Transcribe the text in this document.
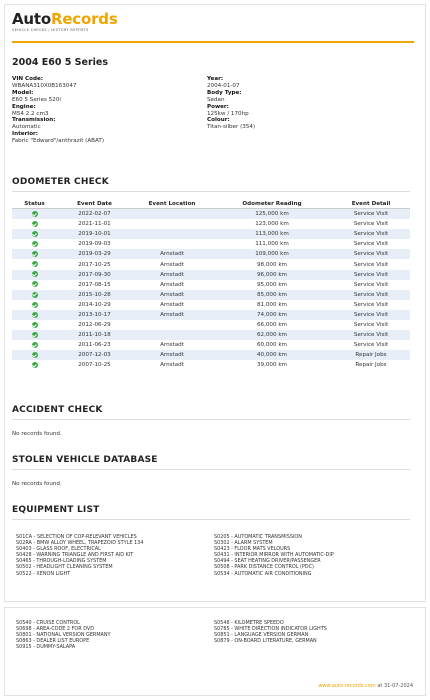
AutoRecords
VEHICLE CHECKS / HISTORY REPORTS
2004 E60 5 Series
VIN Code:
WBANA310X0B163047
Model:
E60 5 Series 520i
Engine:
M54 2.2 cm3
Transmission:
Automatic
Interior:
Fabric "Edward"/anthrazit (ABAT)
Year:
2004-01-07
Body Type:
Sedan
Power:
125kw / 170hp
Colour:
Titan-silber (354)
ODOMETER CHECK
Status	Event Date	Event Location	Odometer Reading	Event Detail
	2022-02-07		125,000 km	Service Visit
	2021-11-01		123,000 km	Service Visit
	2019-10-01		113,000 km	Service Visit
	2019-09-03		111,000 km	Service Visit
	2019-03-29	Arnstadt	109,000 km	Service Visit
	2017-10-25	Arnstadt	98,000 km	Service Visit
	2017-09-30	Arnstadt	96,000 km	Service Visit
	2017-08-15	Arnstadt	95,000 km	Service Visit
	2015-10-28	Arnstadt	85,000 km	Service Visit
	2014-10-29	Arnstadt	81,000 km	Service Visit
	2013-10-17	Arnstadt	74,000 km	Service Visit
	2012-06-29		66,000 km	Service Visit
	2011-10-18		62,000 km	Service Visit
	2011-06-23	Arnstadt	60,000 km	Service Visit
	2007-12-03	Arnstadt	40,000 km	Repair Jobs
	2007-10-25	Arnstadt	39,000 km	Repair Jobs
ACCIDENT CHECK
No records found.
STOLEN VEHICLE DATABASE
No records found.
EQUIPMENT LIST
S01CA - SELECTION OF COP-RELEVANT VEHICLES
S02RA - BMW ALLOY WHEEL, TRAPEZOID STYLE 134
S0403 - GLASS ROOF, ELECTRICAL
S0428 - WARNING TRIANGLE AND FIRST AID KIT
S0465 - THROUGH-LOADING SYSTEM
S0502 - HEADLIGHT CLEANING SYSTEM
S0522 - XENON LIGHT
S0205 - AUTOMATIC TRANSMISSION
S0302 - ALARM SYSTEM
S0423 - FLOOR MATS VELOURS
S0431 - INTERIOR MIRROR WITH AUTOMATIC-DIP
S0494 - SEAT HEATING DRIVER/PASSENGER
S0508 - PARK DISTANCE CONTROL (PDC)
S0534 - AUTOMATIC AIR CONDITIONING
S0540 - CRUISE CONTROL
S0698 - AREA-CODE 2 FOR DVD
S0801 - NATIONAL VERSION GERMANY
S0863 - DEALER LIST EUROPE
S0915 - DUMMY-SALAPA
S0548 - KILOMETRE SPEEDO
S0785 - WHITE DIRECTION INDICATOR LIGHTS
S0851 - LANGUAGE VERSION GERMAN
S0879 - ON-BOARD LITERATURE, GERMAN
www.auto-records.com at 31-07-2024
